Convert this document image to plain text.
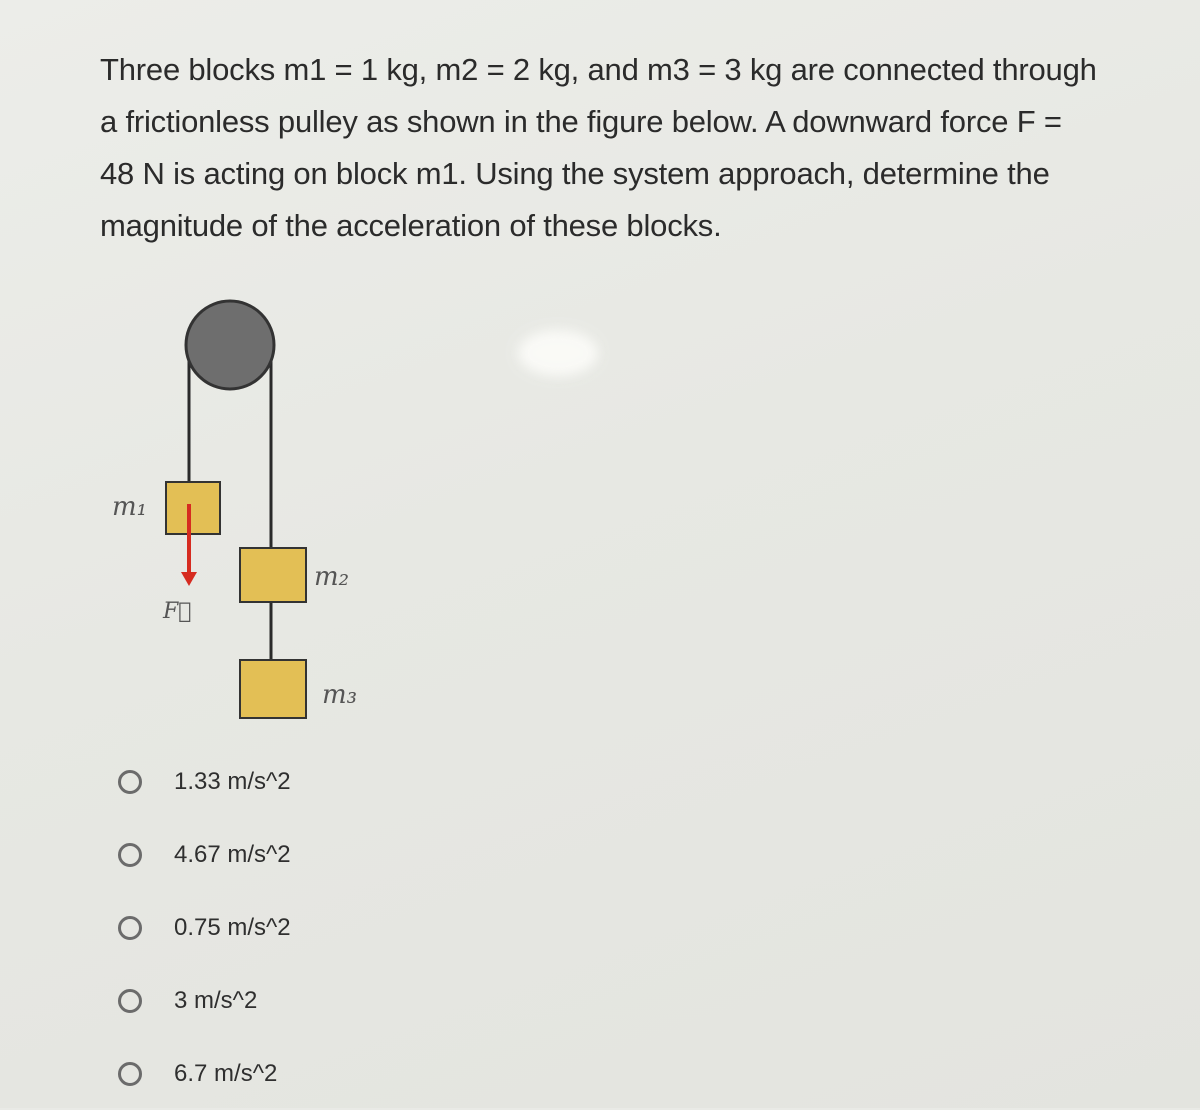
Three blocks m1 = 1 kg, m2 = 2 kg, and m3 = 3 kg are connected through
a frictionless pulley as shown in the figure below. A downward force F =
48 N is acting on block m1. Using the system approach, determine the
magnitude of the acceleration of these blocks.

m₁
m₂
m₃
F⃗
1.33 m/s^2
4.67 m/s^2
0.75 m/s^2
3 m/s^2
6.7 m/s^2
